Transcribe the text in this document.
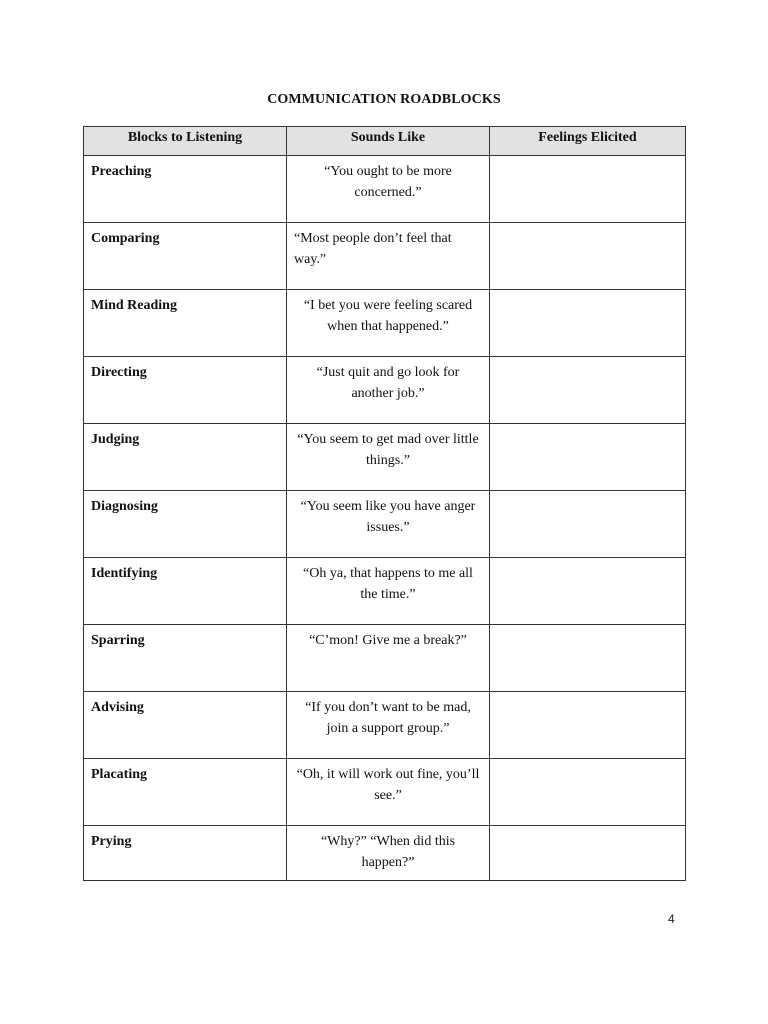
COMMUNICATION ROADBLOCKS
Blocks to Listening	Sounds Like	Feelings Elicited
Preaching	“You ought to be more concerned.”	
Comparing	“Most people don’t feel that way.”	
Mind Reading	“I bet you were feeling scared when that happened.”	
Directing	“Just quit and go look for another job.”	
Judging	“You seem to get mad over little things.”	
Diagnosing	“You seem like you have anger issues.”	
Identifying	“Oh ya, that happens to me all the time.”	
Sparring	“C’mon! Give me a break?”	
Advising	“If you don’t want to be mad, join a support group.”	
Placating	“Oh, it will work out fine, you’ll see.”	
Prying	“Why?” “When did this happen?”	
4
